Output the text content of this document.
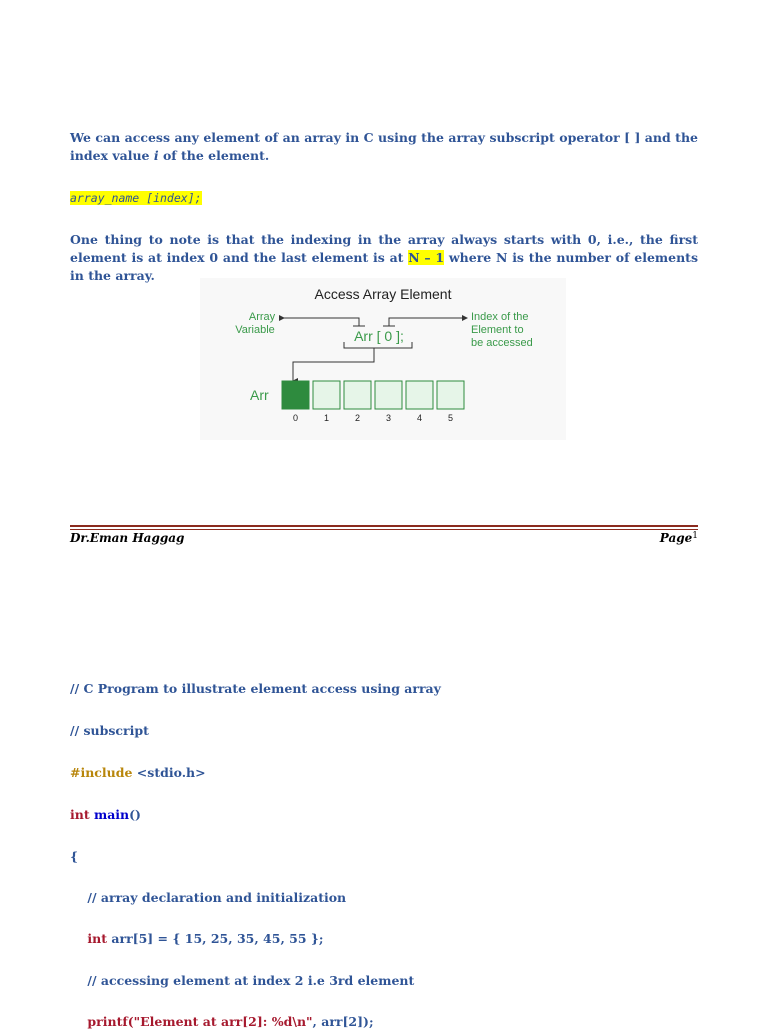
We can access any element of an array in C using the array subscript operator [ ] and the index value i of the element.
array_name [index];
One thing to note is that the indexing in the array always starts with 0, i.e., the first element is at index 0 and the last element is at N – 1 where N is the number of elements in the array.
Access Array Element
Array
Variable
Index of the
Element to
be accessed
Arr [ 0 ];
Arr
0	1	2	3	4	5
Dr.Eman Haggag	Page$^1$
// C Program to illustrate element access using array
// subscript
#include <stdio.h>
int main()
{
// array declaration and initialization
int arr[5] = { 15, 25, 35, 45, 55 };
// accessing element at index 2 i.e 3rd element
printf("Element at arr[2]: %d\n", arr[2]);
